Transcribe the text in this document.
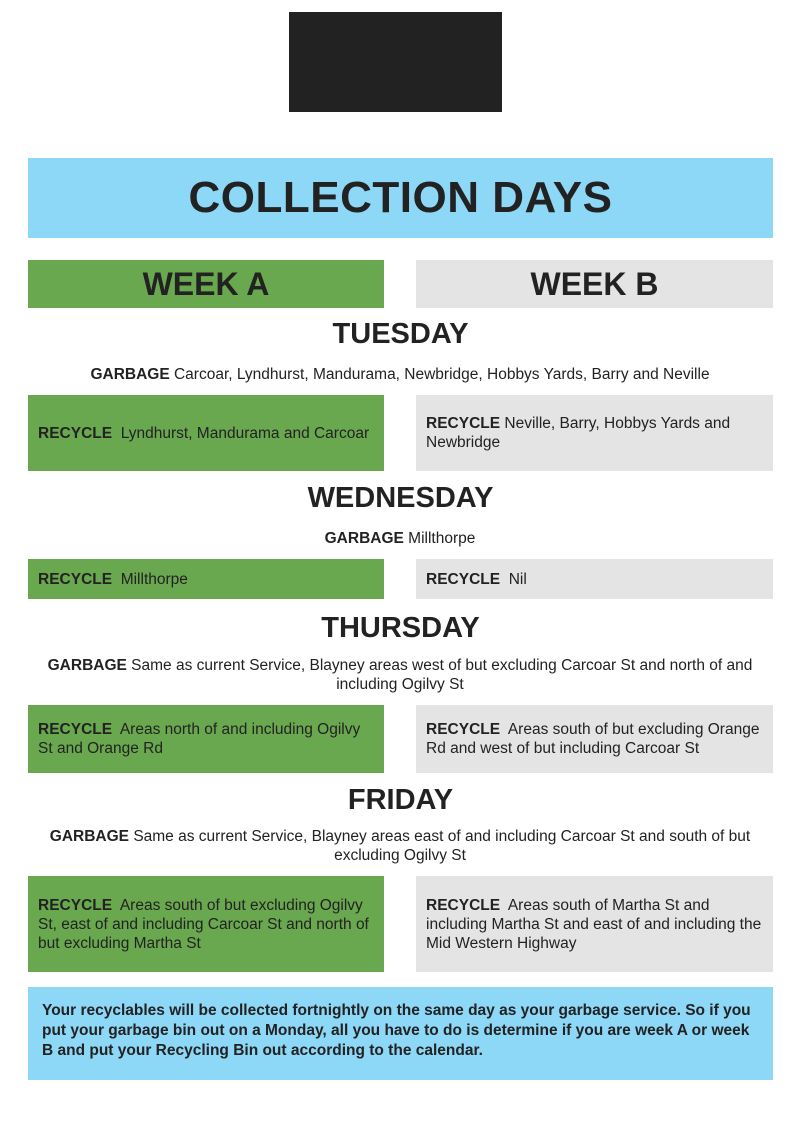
COLLECTION DAYS
WEEK A	WEEK B
TUESDAY
GARBAGE Carcoar, Lyndhurst, Mandurama, Newbridge, Hobbys Yards, Barry and Neville
RECYCLE Lyndhurst, Mandurama and Carcoar
RECYCLE Neville, Barry, Hobbys Yards and Newbridge
WEDNESDAY
GARBAGE Millthorpe
RECYCLE Millthorpe	RECYCLE Nil
THURSDAY
GARBAGE Same as current Service, Blayney areas west of but excluding Carcoar St and north of and including Ogilvy St
RECYCLE Areas north of and including Ogilvy St and Orange Rd
RECYCLE Areas south of but excluding Orange Rd and west of but including Carcoar St
FRIDAY
GARBAGE Same as current Service, Blayney areas east of and including Carcoar St and south of but excluding Ogilvy St
RECYCLE Areas south of but excluding Ogilvy St, east of and including Carcoar St and north of but excluding Martha St
RECYCLE Areas south of Martha St and including Martha St and east of and including the Mid Western Highway
Your recyclables will be collected fortnightly on the same day as your garbage service. So if you put your garbage bin out on a Monday, all you have to do is determine if you are week A or week B and put your Recycling Bin out according to the calendar.
